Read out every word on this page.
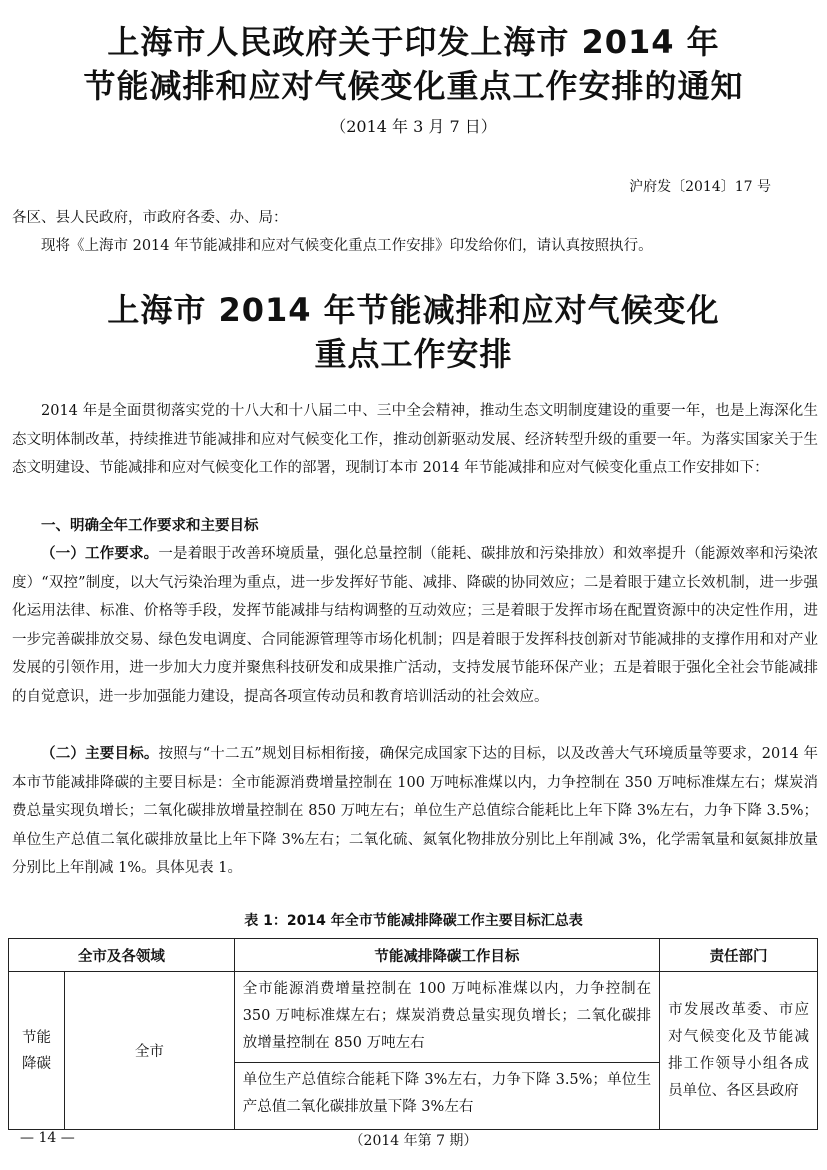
上海市人民政府关于印发上海市 2014 年
节能减排和应对气候变化重点工作安排的通知
（2014 年 3 月 7 日）
沪府发〔2014〕17 号

各区、县人民政府，市政府各委、办、局：

现将《上海市 2014 年节能减排和应对气候变化重点工作安排》印发给你们，请认真按照执行。

上海市 2014 年节能减排和应对气候变化
重点工作安排

2014 年是全面贯彻落实党的十八大和十八届二中、三中全会精神，推动生态文明制度建设的重要一年，也是上海深化生态文明体制改革，持续推进节能减排和应对气候变化工作，推动创新驱动发展、经济转型升级的重要一年。为落实国家关于生态文明建设、节能减排和应对气候变化工作的部署，现制订本市 2014 年节能减排和应对气候变化重点工作安排如下：

一、明确全年工作要求和主要目标

（一）工作要求。一是着眼于改善环境质量，强化总量控制（能耗、碳排放和污染排放）和效率提升（能源效率和污染浓度）“双控”制度，以大气污染治理为重点，进一步发挥好节能、减排、降碳的协同效应；二是着眼于建立长效机制，进一步强化运用法律、标准、价格等手段，发挥节能减排与结构调整的互动效应；三是着眼于发挥市场在配置资源中的决定性作用，进一步完善碳排放交易、绿色发电调度、合同能源管理等市场化机制；四是着眼于发挥科技创新对节能减排的支撑作用和对产业发展的引领作用，进一步加大力度并聚焦科技研发和成果推广活动，支持发展节能环保产业；五是着眼于强化全社会节能减排的自觉意识，进一步加强能力建设，提高各项宣传动员和教育培训活动的社会效应。

（二）主要目标。按照与“十二五”规划目标相衔接，确保完成国家下达的目标，以及改善大气环境质量等要求，2014 年本市节能减排降碳的主要目标是：全市能源消费增量控制在 100 万吨标准煤以内，力争控制在 350 万吨标准煤左右；煤炭消费总量实现负增长；二氧化碳排放增量控制在 850 万吨左右；单位生产总值综合能耗比上年下降 3%左右，力争下降 3.5%；单位生产总值二氧化碳排放量比上年下降 3%左右；二氧化硫、氮氧化物排放分别比上年削减 3%，化学需氧量和氨氮排放量分别比上年削减 1%。具体见表 1。

表 1：2014 年全市节能减排降碳工作主要目标汇总表
全市及各领域		节能减排降碳工作目标	责任部门
节能降碳	全市	全市能源消费增量控制在 100 万吨标准煤以内，力争控制在 350 万吨标准煤左右；煤炭消费总量实现负增长；二氧化碳排放增量控制在 850 万吨左右	市发展改革委、市应对气候变化及节能减排工作领导小组各成员单位、各区县政府
		单位生产总值综合能耗下降 3%左右，力争下降 3.5%；单位生产总值二氧化碳排放量下降 3%左右	
— 14 —	（2014 年第 7 期）
